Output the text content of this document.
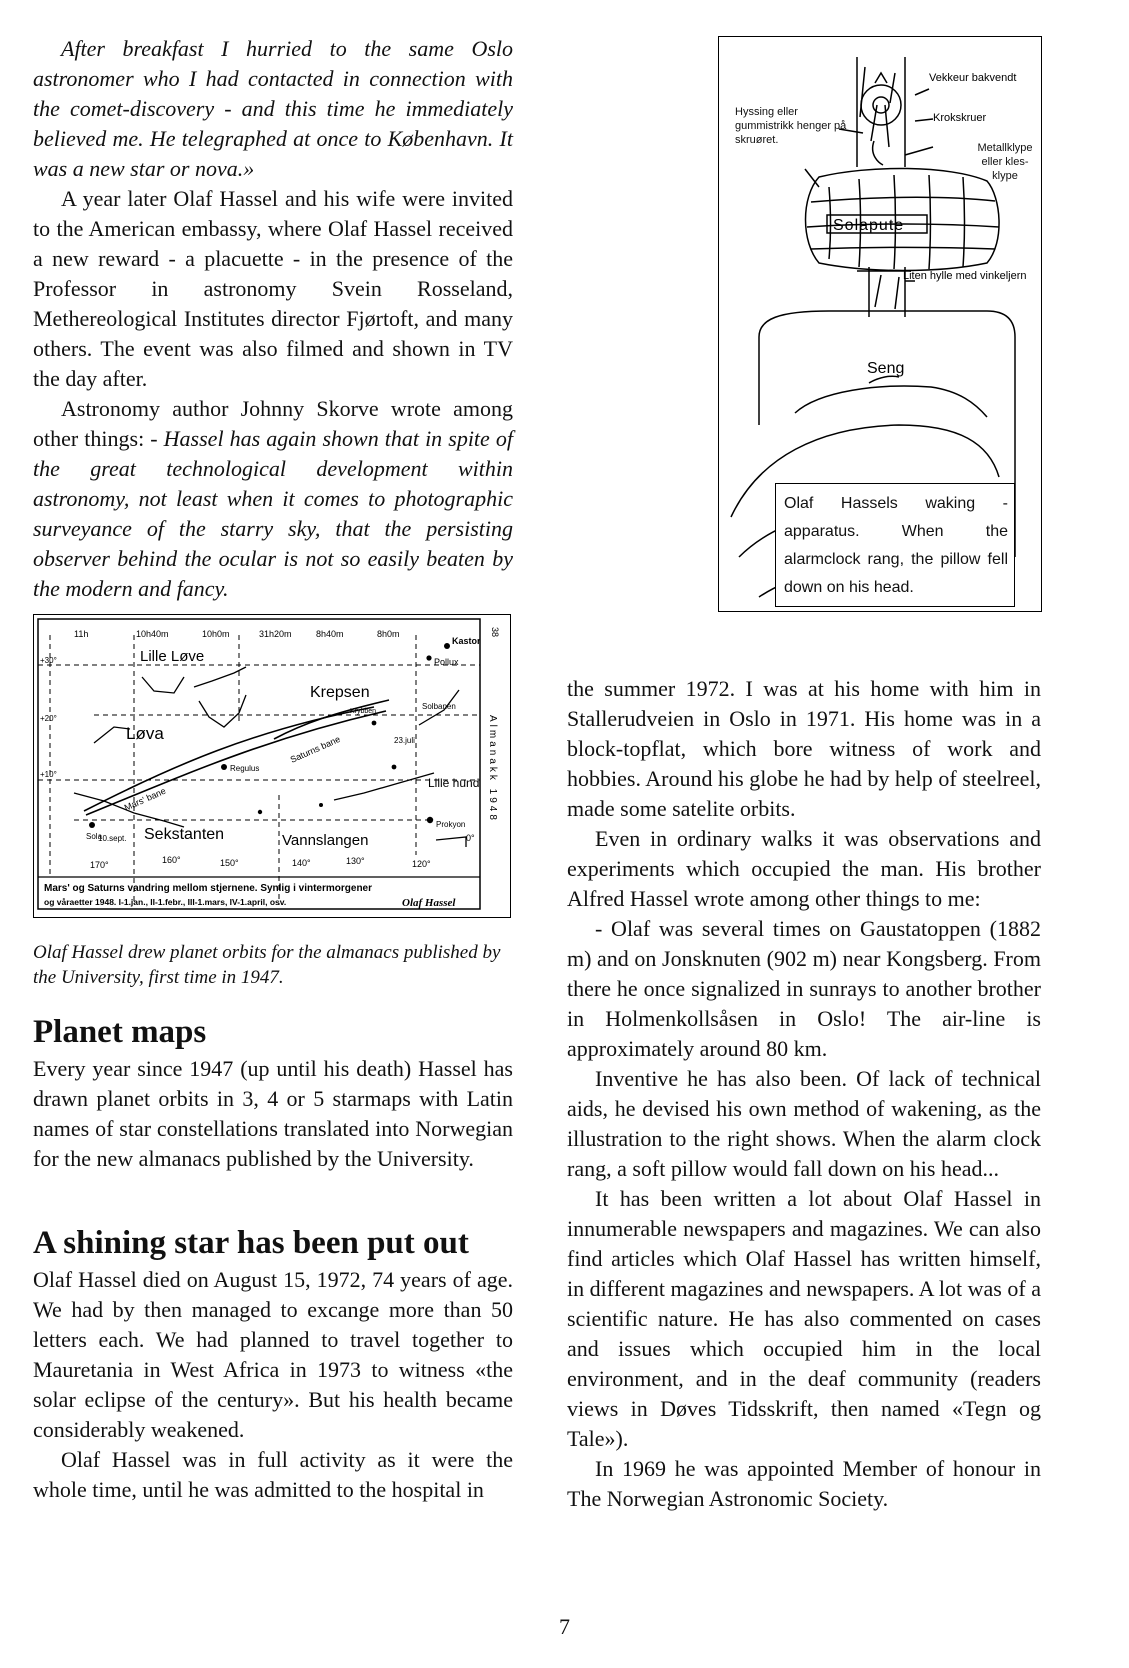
After breakfast I hurried to the same Oslo astronomer who I had contacted in connection with the comet-discovery - and this time he immediately believed me. He telegraphed at once to København. It was a new star or nova.»

A year later Olaf Hassel and his wife were invited to the American embassy, where Olaf Hassel received a new reward - a placuette - in the presence of the Professor in astronomy Svein Rosseland, Methereological Institutes director Fjørtoft, and many others. The event was also filmed and shown in TV the day after.

Astronomy author Johnny Skorve wrote among other things: - Hassel has again shown that in spite of the great technological development within astronomy, not least when it comes to photographic surveyance of the starry sky, that the persisting observer behind the ocular is not so easily beaten by the modern and fancy.

11h	10h40m	10h0m	31h20m	8h40m	8h0m
+30°
+20°
+10°
0°
Lille Løve
Krepsen
Løva
Sekstanten	Vannslangen
Lille hund
Kastor
Pollux
Regulus
Prokyon
Krybben
Sola
Solbanen
Mars' bane
Saturns bane
10.sept.
23.juli
170°	160°	150°	140°	130°	120°
Mars' og Saturns vandring mellom stjernene. Synlig i vintermorgener
og våraetter 1948. I-1.jan., II-1.febr., III-1.mars, IV-1.april, osv.	Olaf Hassel
Almanakk 1948
38
Olaf Hassel drew planet orbits for the almanacs published by the University, first time in 1947.
Planet maps

Every year since 1947 (up until his death) Hassel has drawn planet orbits in 3, 4 or 5 starmaps with Latin names of star constellations translated into Norwegian for the new almanacs published by the University.

A shining star has been put out

Olaf Hassel died on August 15, 1972, 74 years of age. We had by then managed to excange more than 50 letters each. We had planned to travel together to Mauretania in West Africa in 1973 to witness «the solar eclipse of the century». But his health became considerably weakened.

Olaf Hassel was in full activity as it were the whole time, until he was admitted to the hospital in

Vekkeur bakvendt
Krokskruer
Liten hylle med vinkeljern
Seng
Solapute
Hyssing eller gummistrikk henger på skruøret.
Metallklype eller kles-klype
Olaf Hassels waking - apparatus. When the alarmclock rang, the pillow fell down on his head.

the summer 1972. I was at his home with him in Stallerudveien in Oslo in 1971. His home was in a block-topflat, which bore witness of work and hobbies. Around his globe he had by help of steelreel, made some satelite orbits.

Even in ordinary walks it was observations and experiments which occupied the man. His brother Alfred Hassel wrote among other things to me:

- Olaf was several times on Gaustatoppen (1882 m) and on Jonsknuten (902 m) near Kongsberg. From there he once signalized in sunrays to another brother in Holmenkollsåsen in Oslo! The air-line is approximately around 80 km.

Inventive he has also been. Of lack of technical aids, he devised his own method of wakening, as the illustration to the right shows. When the alarm clock rang, a soft pillow would fall down on his head...

It has been written a lot about Olaf Hassel in innumerable newspapers and magazines. We can also find articles which Olaf Hassel has written himself, in different magazines and newspapers. A lot was of a scientific nature. He has also commented on cases and issues which occupied him in the local environment, and in the deaf community (readers views in Døves Tidsskrift, then named «Tegn og Tale»).

In 1969 he was appointed Member of honour in The Norwegian Astronomic Society.

7
